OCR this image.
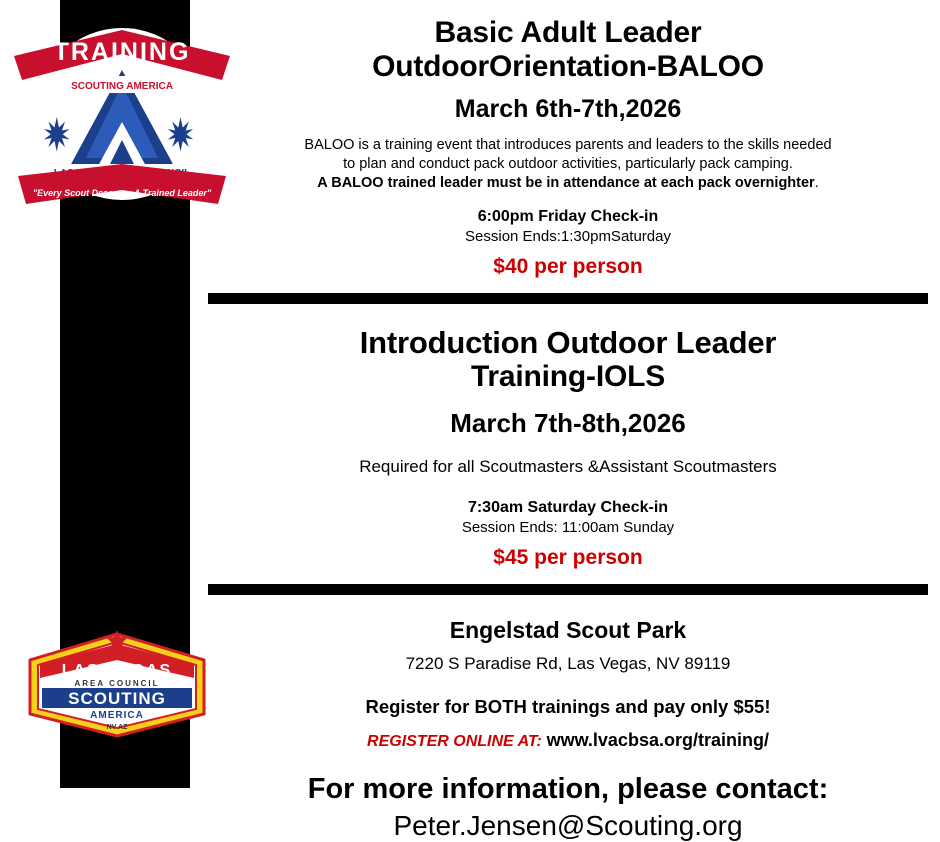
TRAINING
SCOUTING AMERICA
"Every Scout Deserves A Trained Leader"
LAS VEGAS
AREA COUNCIL
SCOUTING
AMERICA
NV AZ
Basic Adult Leader
OutdoorOrientation-BALOO
March 6th-7th,2026
BALOO is a training event that introduces parents and leaders to the skills needed
to plan and conduct pack outdoor activities, particularly pack camping.
A BALOO trained leader must be in attendance at each pack overnighter.
6:00pm Friday Check-in
Session Ends:1:30pmSaturday
$40 per person
Introduction Outdoor Leader
Training-IOLS
March 7th-8th,2026
Required for all Scoutmasters &Assistant Scoutmasters
7:30am Saturday Check-in
Session Ends: 11:00am Sunday
$45 per person
Engelstad Scout Park
7220 S Paradise Rd, Las Vegas, NV 89119
Register for BOTH trainings and pay only $55!
REGISTER ONLINE AT: www.lvacbsa.org/training/
For more information, please contact:
Peter.Jensen@Scouting.org
